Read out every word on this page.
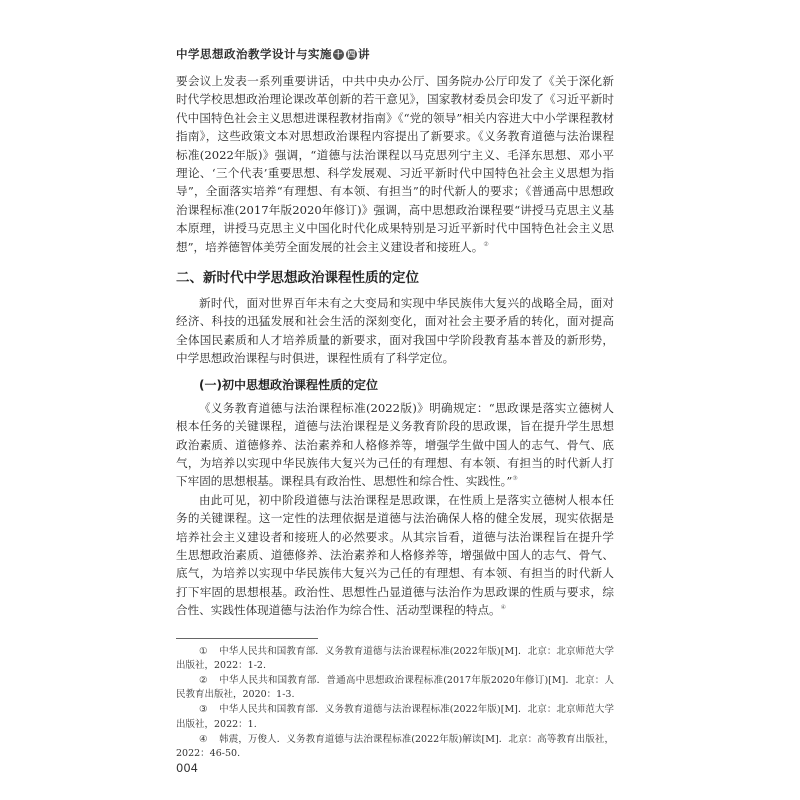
中学思想政治教学设计与实施 十 四 讲

要会议上发表一系列重要讲话，中共中央办公厅、国务院办公厅印发了《关于深化新时代学校思想政治理论课改革创新的若干意见》，国家教材委员会印发了《习近平新时代中国特色社会主义思想进课程教材指南》《“党的领导”相关内容进大中小学课程教材指南》，这些政策文本对思想政治课程内容提出了新要求。《义务教育道德与法治课程标准(2022年版)》强调，“道德与法治课程以马克思列宁主义、毛泽东思想、邓小平理论、‘三个代表’重要思想、科学发展观、习近平新时代中国特色社会主义思想为指导”，全面落实培养“有理想、有本领、有担当”的时代新人的要求；《普通高中思想政治课程标准(2017年版2020年修订)》强调，高中思想政治课程要“讲授马克思主义基本原理，讲授马克思主义中国化时代化成果特别是习近平新时代中国特色社会主义思想”，培养德智体美劳全面发展的社会主义建设者和接班人。②

二、新时代中学思想政治课程性质的定位

新时代，面对世界百年未有之大变局和实现中华民族伟大复兴的战略全局，面对经济、科技的迅猛发展和社会生活的深刻变化，面对社会主要矛盾的转化，面对提高全体国民素质和人才培养质量的新要求，面对我国中学阶段教育基本普及的新形势，中学思想政治课程与时俱进，课程性质有了科学定位。

(一)初中思想政治课程性质的定位

《义务教育道德与法治课程标准(2022版)》明确规定：“思政课是落实立德树人根本任务的关键课程，道德与法治课程是义务教育阶段的思政课，旨在提升学生思想政治素质、道德修养、法治素养和人格修养等，增强学生做中国人的志气、骨气、底气，为培养以实现中华民族伟大复兴为己任的有理想、有本领、有担当的时代新人打下牢固的思想根基。课程具有政治性、思想性和综合性、实践性。”③

由此可见，初中阶段道德与法治课程是思政课，在性质上是落实立德树人根本任务的关键课程。这一定性的法理依据是道德与法治确保人格的健全发展，现实依据是培养社会主义建设者和接班人的必然要求。从其宗旨看，道德与法治课程旨在提升学生思想政治素质、道德修养、法治素养和人格修养等，增强做中国人的志气、骨气、底气，为培养以实现中华民族伟大复兴为己任的有理想、有本领、有担当的时代新人打下牢固的思想根基。政治性、思想性凸显道德与法治作为思政课的性质与要求，综合性、实践性体现道德与法治作为综合性、活动型课程的特点。④

① 中华人民共和国教育部．义务教育道德与法治课程标准(2022年版)[M]．北京：北京师范大学出版社，2022：1-2.

② 中华人民共和国教育部．普通高中思想政治课程标准(2017年版2020年修订)[M]．北京：人民教育出版社，2020：1-3.

③ 中华人民共和国教育部．义务教育道德与法治课程标准(2022年版)[M]．北京：北京师范大学出版社，2022：1.

④ 韩震，万俊人．义务教育道德与法治课程标准(2022年版)解读[M]．北京：高等教育出版社，2022：46-50.

004
